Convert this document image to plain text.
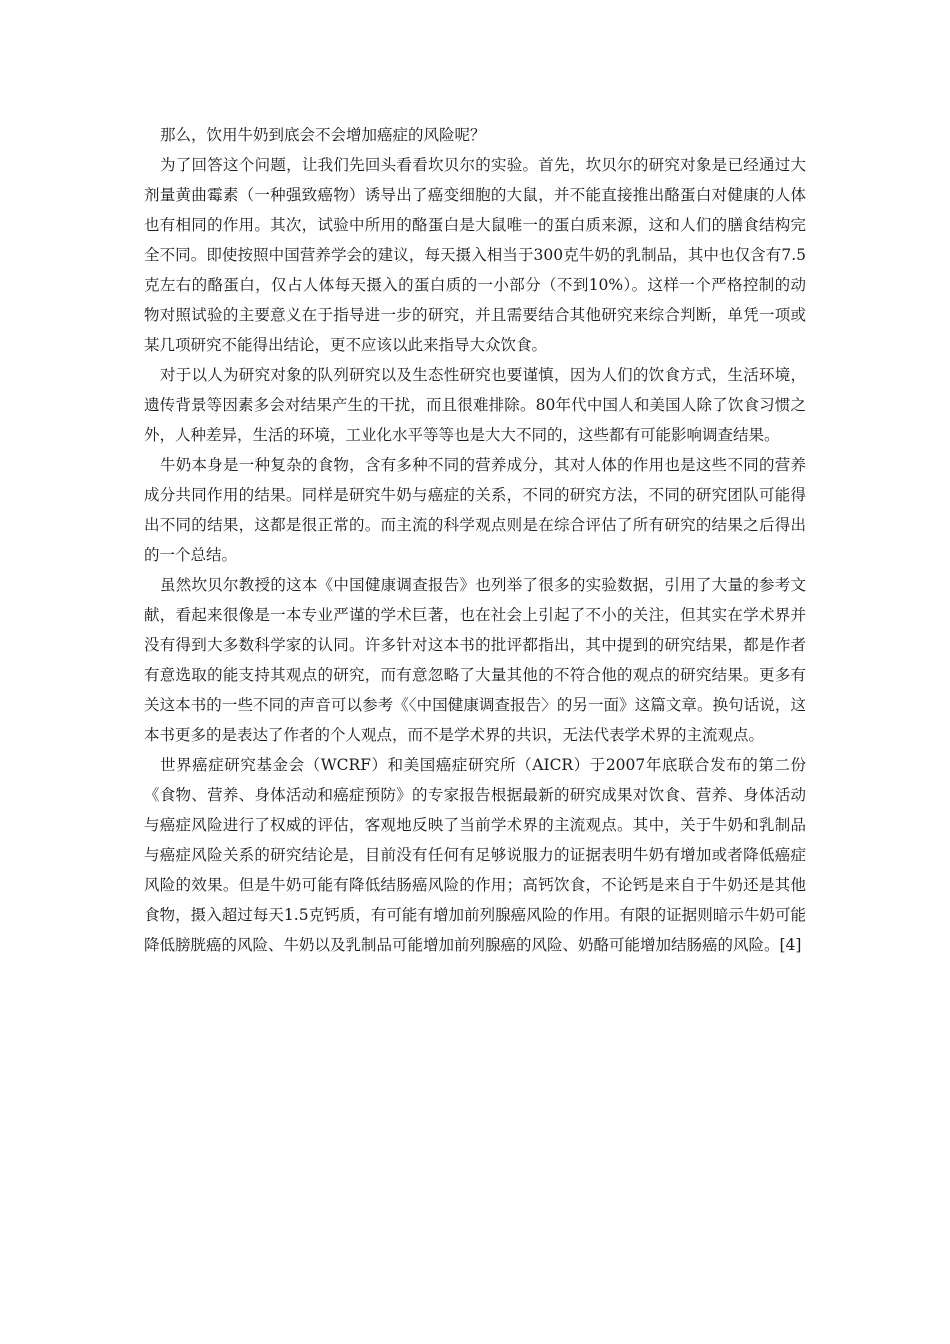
那么，饮用牛奶到底会不会增加癌症的风险呢？

为了回答这个问题，让我们先回头看看坎贝尔的实验。首先，坎贝尔的研究对象是已经通过大剂量黄曲霉素（一种强致癌物）诱导出了癌变细胞的大鼠，并不能直接推出酪蛋白对健康的人体也有相同的作用。其次，试验中所用的酪蛋白是大鼠唯一的蛋白质来源，这和人们的膳食结构完全不同。即使按照中国营养学会的建议，每天摄入相当于300克牛奶的乳制品，其中也仅含有7.5克左右的酪蛋白，仅占人体每天摄入的蛋白质的一小部分（不到10%）。这样一个严格控制的动物对照试验的主要意义在于指导进一步的研究，并且需要结合其他研究来综合判断，单凭一项或某几项研究不能得出结论，更不应该以此来指导大众饮食。

对于以人为研究对象的队列研究以及生态性研究也要谨慎，因为人们的饮食方式，生活环境，遗传背景等因素多会对结果产生的干扰，而且很难排除。80年代中国人和美国人除了饮食习惯之外，人种差异，生活的环境，工业化水平等等也是大大不同的，这些都有可能影响调查结果。

牛奶本身是一种复杂的食物，含有多种不同的营养成分，其对人体的作用也是这些不同的营养成分共同作用的结果。同样是研究牛奶与癌症的关系，不同的研究方法，不同的研究团队可能得出不同的结果，这都是很正常的。而主流的科学观点则是在综合评估了所有研究的结果之后得出的一个总结。

虽然坎贝尔教授的这本《中国健康调查报告》也列举了很多的实验数据，引用了大量的参考文献，看起来很像是一本专业严谨的学术巨著，也在社会上引起了不小的关注，但其实在学术界并没有得到大多数科学家的认同。许多针对这本书的批评都指出，其中提到的研究结果，都是作者有意选取的能支持其观点的研究，而有意忽略了大量其他的不符合他的观点的研究结果。更多有关这本书的一些不同的声音可以参考《〈中国健康调查报告〉的另一面》这篇文章。换句话说，这本书更多的是表达了作者的个人观点，而不是学术界的共识，无法代表学术界的主流观点。

世界癌症研究基金会（WCRF）和美国癌症研究所（AICR）于2007年底联合发布的第二份《食物、营养、身体活动和癌症预防》的专家报告根据最新的研究成果对饮食、营养、身体活动与癌症风险进行了权威的评估，客观地反映了当前学术界的主流观点。其中，关于牛奶和乳制品与癌症风险关系的研究结论是，目前没有任何有足够说服力的证据表明牛奶有增加或者降低癌症风险的效果。但是牛奶可能有降低结肠癌风险的作用；高钙饮食，不论钙是来自于牛奶还是其他食物，摄入超过每天1.5克钙质，有可能有增加前列腺癌风险的作用。有限的证据则暗示牛奶可能降低膀胱癌的风险、牛奶以及乳制品可能增加前列腺癌的风险、奶酪可能增加结肠癌的风险。[4]
